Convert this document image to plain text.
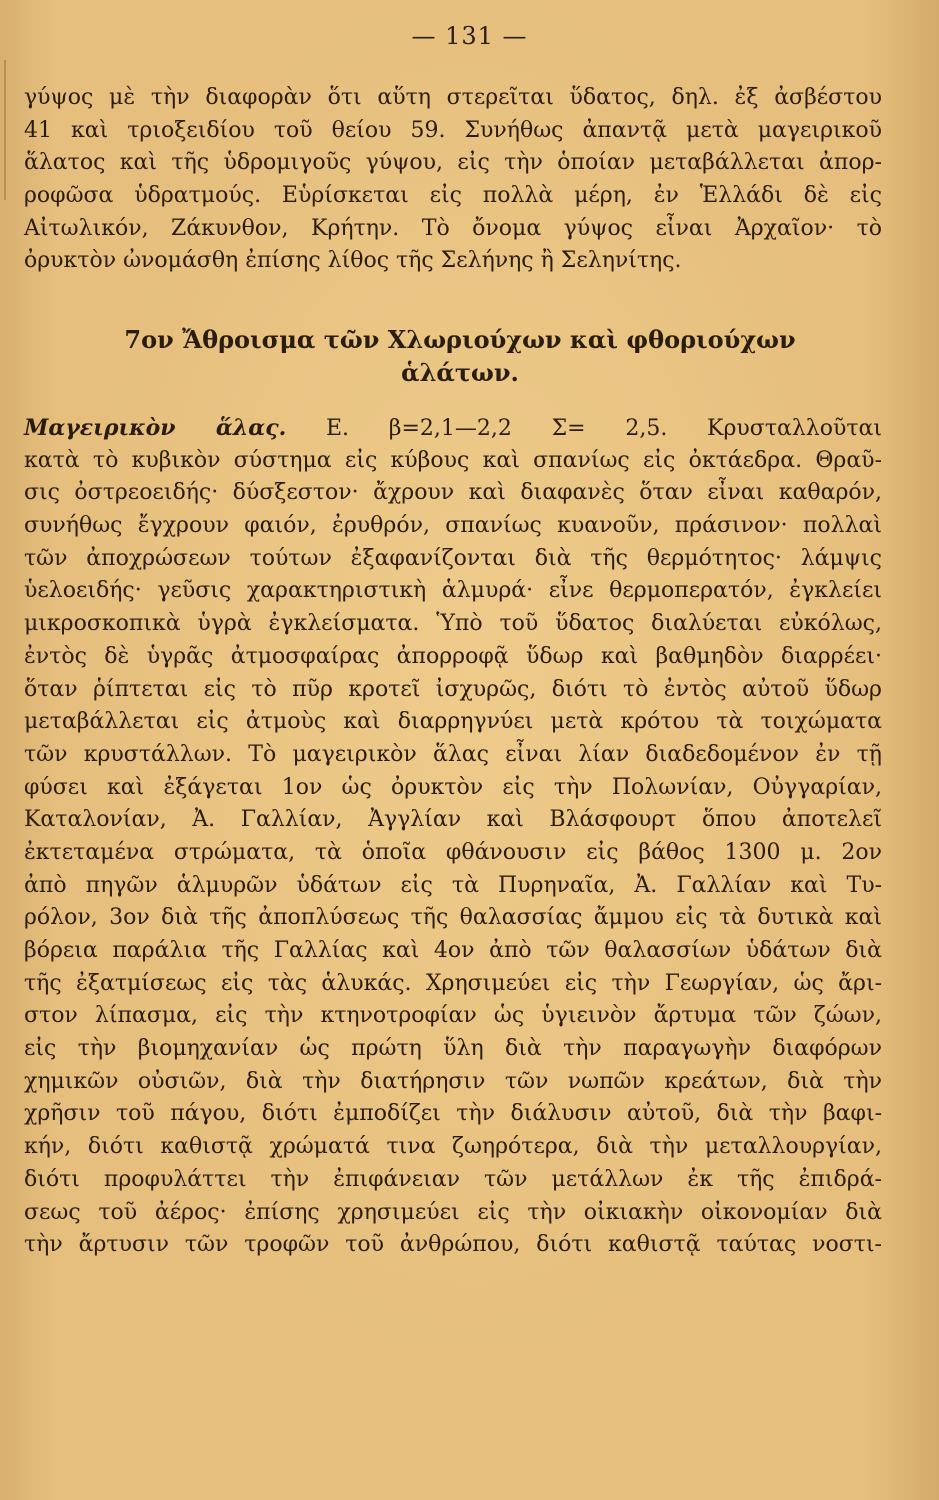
— 131 —
γύψος μὲ τὴν διαφορὰν ὅτι αὕτη στερεῖται ὕδατος, δηλ. ἐξ ἀσβέστου
41 καὶ τριοξειδίου τοῦ θείου 59. Συνήθως ἀπαντᾷ μετὰ μαγειρικοῦ
ἅλατος καὶ τῆς ὑδρομιγοῦς γύψου, εἰς τὴν ὁποίαν μεταβάλλεται ἀπορ-
ροφῶσα ὑδρατμούς. Εὑρίσκεται εἰς πολλὰ μέρη, ἐν Ἑλλάδι δὲ εἰς
Αἰτωλικόν, Ζάκυνθον, Κρήτην. Τὸ ὄνομα γύψος εἶναι Ἀρχαῖον· τὸ
ὀρυκτὸν ὠνομάσθη ἐπίσης λίθος τῆς Σελήνης ἢ Σεληνίτης.
7ον Ἄθροισμα τῶν Χλωριούχων καὶ φθοριούχων
ἁλάτων.
Μαγειρικὸν ἅλας. Ε. β=2,1—2,2 Σ= 2,5. Κρυσταλλοῦται
κατὰ τὸ κυβικὸν σύστημα εἰς κύβους καὶ σπανίως εἰς ὀκτάεδρα. Θραῦ-
σις ὀστρεοειδής· δύσξεστον· ἄχρουν καὶ διαφανὲς ὅταν εἶναι καθαρόν,
συνήθως ἔγχρουν φαιόν, ἐρυθρόν, σπανίως κυανοῦν, πράσινον· πολλαὶ
τῶν ἀποχρώσεων τούτων ἐξαφανίζονται διὰ τῆς θερμότητος· λάμψις
ὑελοειδής· γεῦσις χαρακτηριστικὴ ἁλμυρά· εἶνε θερμοπερατόν, ἐγκλείει
μικροσκοπικὰ ὑγρὰ ἐγκλείσματα. Ὑπὸ τοῦ ὕδατος διαλύεται εὐκόλως,
ἐντὸς δὲ ὑγρᾶς ἀτμοσφαίρας ἀπορροφᾷ ὕδωρ καὶ βαθμηδὸν διαρρέει·
ὅταν ῥίπτεται εἰς τὸ πῦρ κροτεῖ ἰσχυρῶς, διότι τὸ ἐντὸς αὐτοῦ ὕδωρ
μεταβάλλεται εἰς ἀτμοὺς καὶ διαρρηγνύει μετὰ κρότου τὰ τοιχώματα
τῶν κρυστάλλων. Τὸ μαγειρικὸν ἅλας εἶναι λίαν διαδεδομένον ἐν τῇ
φύσει καὶ ἐξάγεται 1ον ὡς ὀρυκτὸν εἰς τὴν Πολωνίαν, Οὐγγαρίαν,
Καταλονίαν, Ἀ. Γαλλίαν, Ἀγγλίαν καὶ Βλάσφουρτ ὅπου ἀποτελεῖ
ἐκτεταμένα στρώματα, τὰ ὁποῖα φθάνουσιν εἰς βάθος 1300 μ. 2ον
ἀπὸ πηγῶν ἁλμυρῶν ὑδάτων εἰς τὰ Πυρηναῖα, Ἀ. Γαλλίαν καὶ Τυ-
ρόλον, 3ον διὰ τῆς ἀποπλύσεως τῆς θαλασσίας ἄμμου εἰς τὰ δυτικὰ καὶ
βόρεια παράλια τῆς Γαλλίας καὶ 4ον ἀπὸ τῶν θαλασσίων ὑδάτων διὰ
τῆς ἐξατμίσεως εἰς τὰς ἁλυκάς. Χρησιμεύει εἰς τὴν Γεωργίαν, ὡς ἄρι-
στον λίπασμα, εἰς τὴν κτηνοτροφίαν ὡς ὑγιεινὸν ἄρτυμα τῶν ζώων,
εἰς τὴν βιομηχανίαν ὡς πρώτη ὕλη διὰ τὴν παραγωγὴν διαφόρων
χημικῶν οὐσιῶν, διὰ τὴν διατήρησιν τῶν νωπῶν κρεάτων, διὰ τὴν
χρῆσιν τοῦ πάγου, διότι ἐμποδίζει τὴν διάλυσιν αὐτοῦ, διὰ τὴν βαφι-
κήν, διότι καθιστᾷ χρώματά τινα ζωηρότερα, διὰ τὴν μεταλλουργίαν,
διότι προφυλάττει τὴν ἐπιφάνειαν τῶν μετάλλων ἐκ τῆς ἐπιδρά-
σεως τοῦ ἀέρος· ἐπίσης χρησιμεύει εἰς τὴν οἰκιακὴν οἰκονομίαν διὰ
τὴν ἄρτυσιν τῶν τροφῶν τοῦ ἀνθρώπου, διότι καθιστᾷ ταύτας νοστι-
